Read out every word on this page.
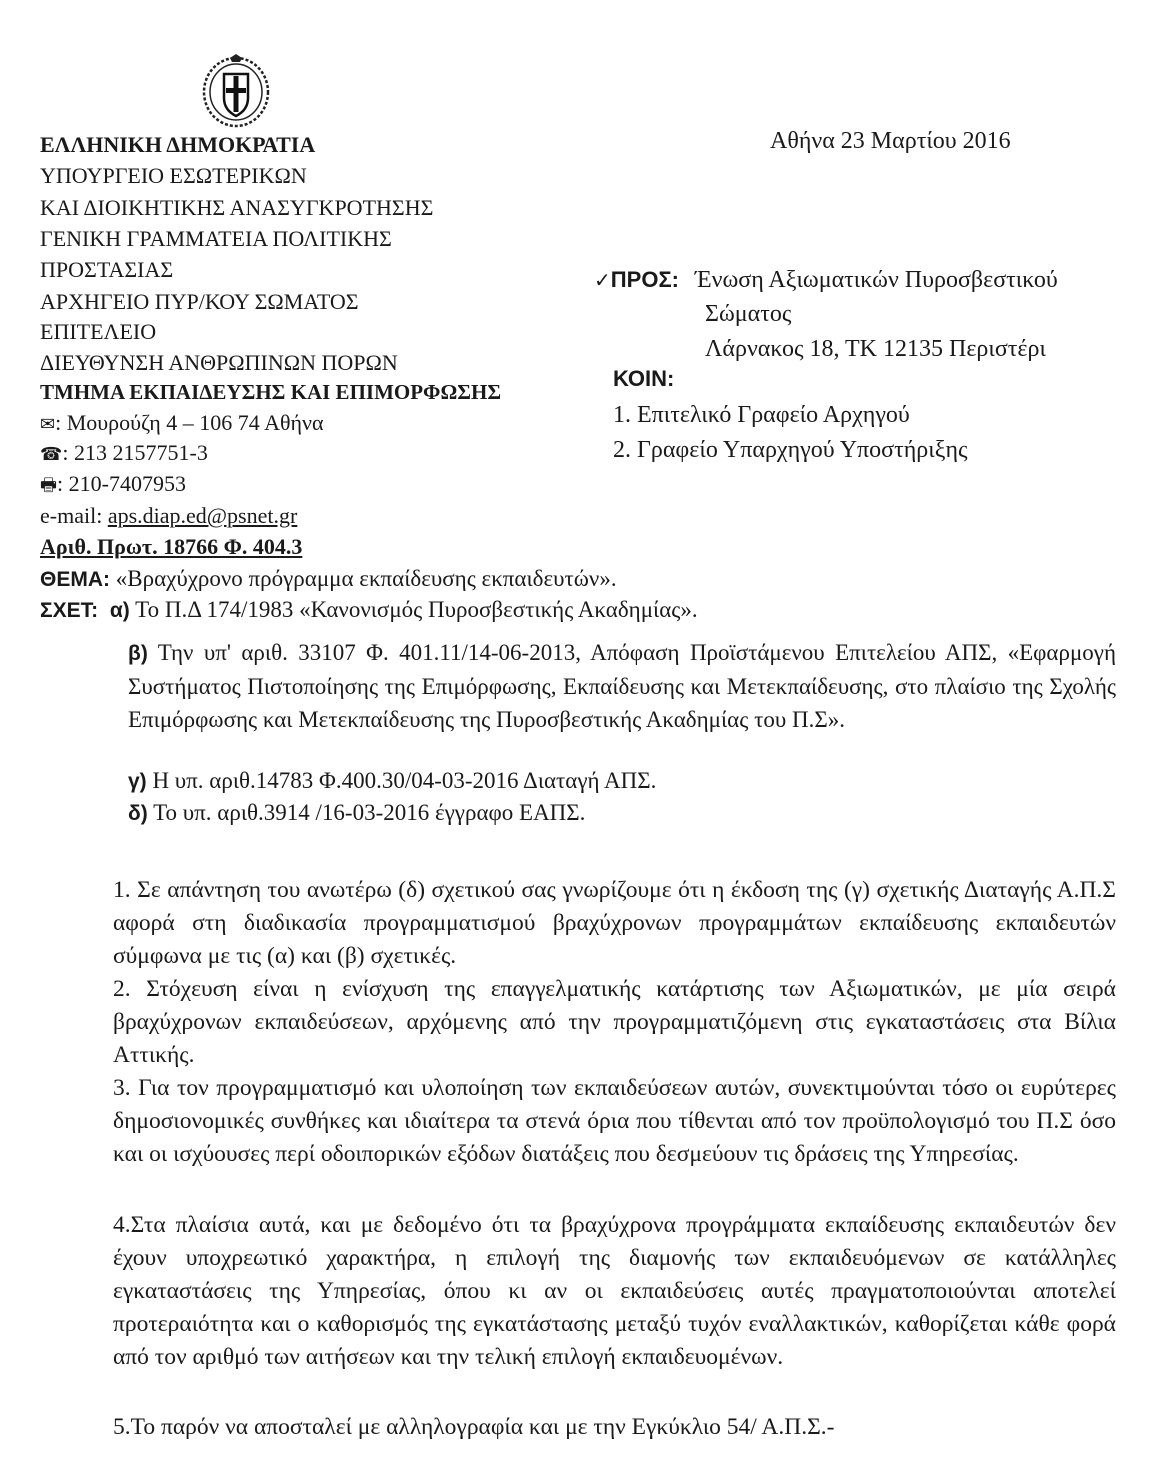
ΕΛΛΗΝΙΚΗ ΔΗΜΟΚΡΑΤΙΑ
ΥΠΟΥΡΓΕΙΟ ΕΣΩΤΕΡΙΚΩΝ
ΚΑΙ ΔΙΟΙΚΗΤΙΚΗΣ ΑΝΑΣΥΓΚΡΟΤΗΣΗΣ
ΓΕΝΙΚΗ ΓΡΑΜΜΑΤΕΙΑ ΠΟΛΙΤΙΚΗΣ
ΠΡΟΣΤΑΣΙΑΣ
ΑΡΧΗΓΕΙΟ ΠΥΡ/ΚΟΥ ΣΩΜΑΤΟΣ
ΕΠΙΤΕΛΕΙΟ
ΔΙΕΥΘΥΝΣΗ ΑΝΘΡΩΠΙΝΩΝ ΠΟΡΩΝ
ΤΜΗΜΑ ΕΚΠΑΙΔΕΥΣΗΣ ΚΑΙ ΕΠΙΜΟΡΦΩΣΗΣ
✉: Μουρούζη 4 – 106 74 Αθήνα
☎: 213 2157751-3
🖶: 210-7407953
e-mail: aps.diap.ed@psnet.gr
Αριθ. Πρωτ. 18766 Φ. 404.3
Αθήνα 23 Μαρτίου 2016
✓ΠΡΟΣ: Ένωση Αξιωματικών Πυροσβεστικού
Σώματος
Λάρνακος 18, ΤΚ 12135 Περιστέρι
ΚΟΙΝ:
1. Επιτελικό Γραφείο Αρχηγού
2. Γραφείο Υπαρχηγού Υποστήριξης
ΘΕΜΑ: «Βραχύχρονο πρόγραμμα εκπαίδευσης εκπαιδευτών».
ΣΧΕΤ: α) Το Π.Δ 174/1983 «Κανονισμός Πυροσβεστικής Ακαδημίας».
β) Την υπ' αριθ. 33107 Φ. 401.11/14-06-2013, Απόφαση Προϊστάμενου Επιτελείου ΑΠΣ, «Εφαρμογή Συστήματος Πιστοποίησης της Επιμόρφωσης, Εκπαίδευσης και Μετεκπαίδευσης, στο πλαίσιο της Σχολής Επιμόρφωσης και Μετεκπαίδευσης της Πυροσβεστικής Ακαδημίας του Π.Σ».
γ) Η υπ. αριθ.14783 Φ.400.30/04-03-2016 Διαταγή ΑΠΣ.
δ) Το υπ. αριθ.3914 /16-03-2016 έγγραφο ΕΑΠΣ.
1. Σε απάντηση του ανωτέρω (δ) σχετικού σας γνωρίζουμε ότι η έκδοση της (γ) σχετικής Διαταγής Α.Π.Σ αφορά στη διαδικασία προγραμματισμού βραχύχρονων προγραμμάτων εκπαίδευσης εκπαιδευτών σύμφωνα με τις (α) και (β) σχετικές.
2. Στόχευση είναι η ενίσχυση της επαγγελματικής κατάρτισης των Αξιωματικών, με μία σειρά βραχύχρονων εκπαιδεύσεων, αρχόμενης από την προγραμματιζόμενη στις εγκαταστάσεις στα Βίλια Αττικής.
3. Για τον προγραμματισμό και υλοποίηση των εκπαιδεύσεων αυτών, συνεκτιμούνται τόσο οι ευρύτερες δημοσιονομικές συνθήκες και ιδιαίτερα τα στενά όρια που τίθενται από τον προϋπολογισμό του Π.Σ όσο και οι ισχύουσες περί οδοιπορικών εξόδων διατάξεις που δεσμεύουν τις δράσεις της Υπηρεσίας.
4.Στα πλαίσια αυτά, και με δεδομένο ότι τα βραχύχρονα προγράμματα εκπαίδευσης εκπαιδευτών δεν έχουν υποχρεωτικό χαρακτήρα, η επιλογή της διαμονής των εκπαιδευόμενων σε κατάλληλες εγκαταστάσεις της Υπηρεσίας, όπου κι αν οι εκπαιδεύσεις αυτές πραγματοποιούνται αποτελεί προτεραιότητα και ο καθορισμός της εγκατάστασης μεταξύ τυχόν εναλλακτικών, καθορίζεται κάθε φορά από τον αριθμό των αιτήσεων και την τελική επιλογή εκπαιδευομένων.
5.Το παρόν να αποσταλεί με αλληλογραφία και με την Εγκύκλιο 54/ Α.Π.Σ.-
